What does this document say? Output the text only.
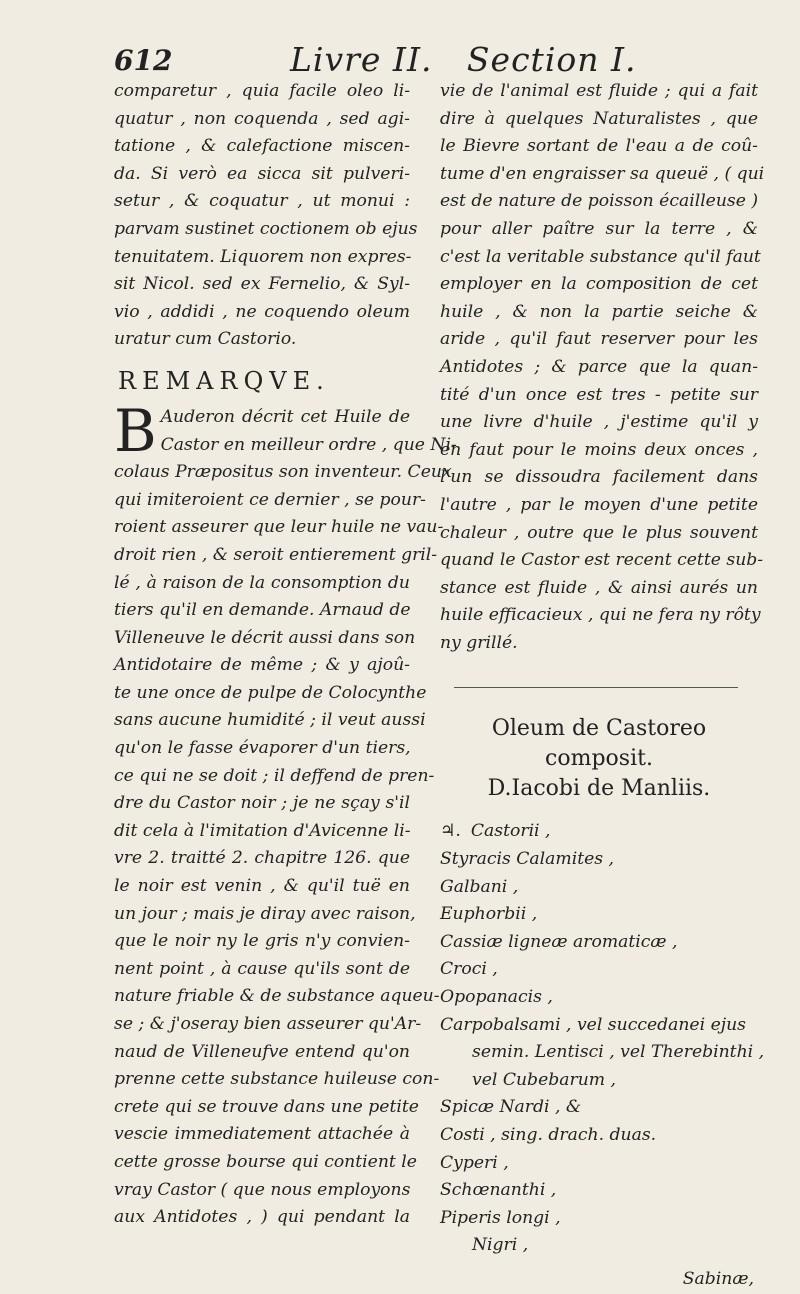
612	Livre II.   Section I.
comparetur , quia facile oleo li-
quatur , non coquenda , sed agi-
tatione , & calefactione miscen-
da. Si verò ea sicca sit pulveri-
setur , & coquatur , ut monui :
parvam sustinet coctionem ob ejus
tenuitatem. Liquorem non expres-
sit Nicol. sed ex Fernelio, & Syl-
vio , addidi , ne coquendo oleum
uratur cum Castorio.
REMARQVE.
B Auderon décrit cet Huile de
Castor en meilleur ordre , que Ni-
colaus Præpositus son inventeur. Ceux
qui imiteroient ce dernier , se pour-
roient asseurer que leur huile ne vau-
droit rien , & seroit entierement gril-
lé , à raison de la consomption du
tiers qu'il en demande. Arnaud de
Villeneuve le décrit aussi dans son
Antidotaire de même ; & y ajoû-
te une once de pulpe de Colocynthe
sans aucune humidité ; il veut aussi
qu'on le fasse évaporer d'un tiers,
ce qui ne se doit ; il deffend de pren-
dre du Castor noir ; je ne sçay s'il
dit cela à l'imitation d'Avicenne li-
vre 2. traitté 2. chapitre 126. que
le noir est venin , & qu'il tuë en
un jour ; mais je diray avec raison,
que le noir ny le gris n'y convien-
nent point , à cause qu'ils sont de
nature friable & de substance aqueu-
se ; & j'oseray bien asseurer qu'Ar-
naud de Villeneufve entend qu'on
prenne cette substance huileuse con-
crete qui se trouve dans une petite
vescie immediatement attachée à
cette grosse bourse qui contient le
vray Castor ( que nous employons
aux Antidotes , ) qui pendant la
vie de l'animal est fluide ; qui a fait
dire à quelques Naturalistes , que
le Bievre sortant de l'eau a de coû-
tume d'en engraisser sa queuë , ( qui
est de nature de poisson écailleuse )
pour aller paître sur la terre , &
c'est la veritable substance qu'il faut
employer en la composition de cet
huile , & non la partie seiche &
aride , qu'il faut reserver pour les
Antidotes ; & parce que la quan-
tité d'un once est tres - petite sur
une livre d'huile , j'estime qu'il y
en faut pour le moins deux onces ,
l'un se dissoudra facilement dans
l'autre , par le moyen d'une petite
chaleur , outre que le plus souvent
quand le Castor est recent cette sub-
stance est fluide , & ainsi aurés un
huile efficacieux , qui ne fera ny rôty
ny grillé.
Oleum de Castoreo composit.
D.Iacobi de Manliis.
♃. Castorii ,
Styracis Calamites ,
Galbani ,
Euphorbii ,
Cassiæ ligneæ aromaticæ ,
Croci ,
Opopanacis ,
Carpobalsami , vel succedanei ejus
semin. Lentisci , vel Therebinthi ,
vel Cubebarum ,
Spicæ Nardi , &
Costi , sing. drach. duas.
Cyperi ,
Schœnanthi ,
Piperis longi ,
Nigri ,
Sabinæ,
